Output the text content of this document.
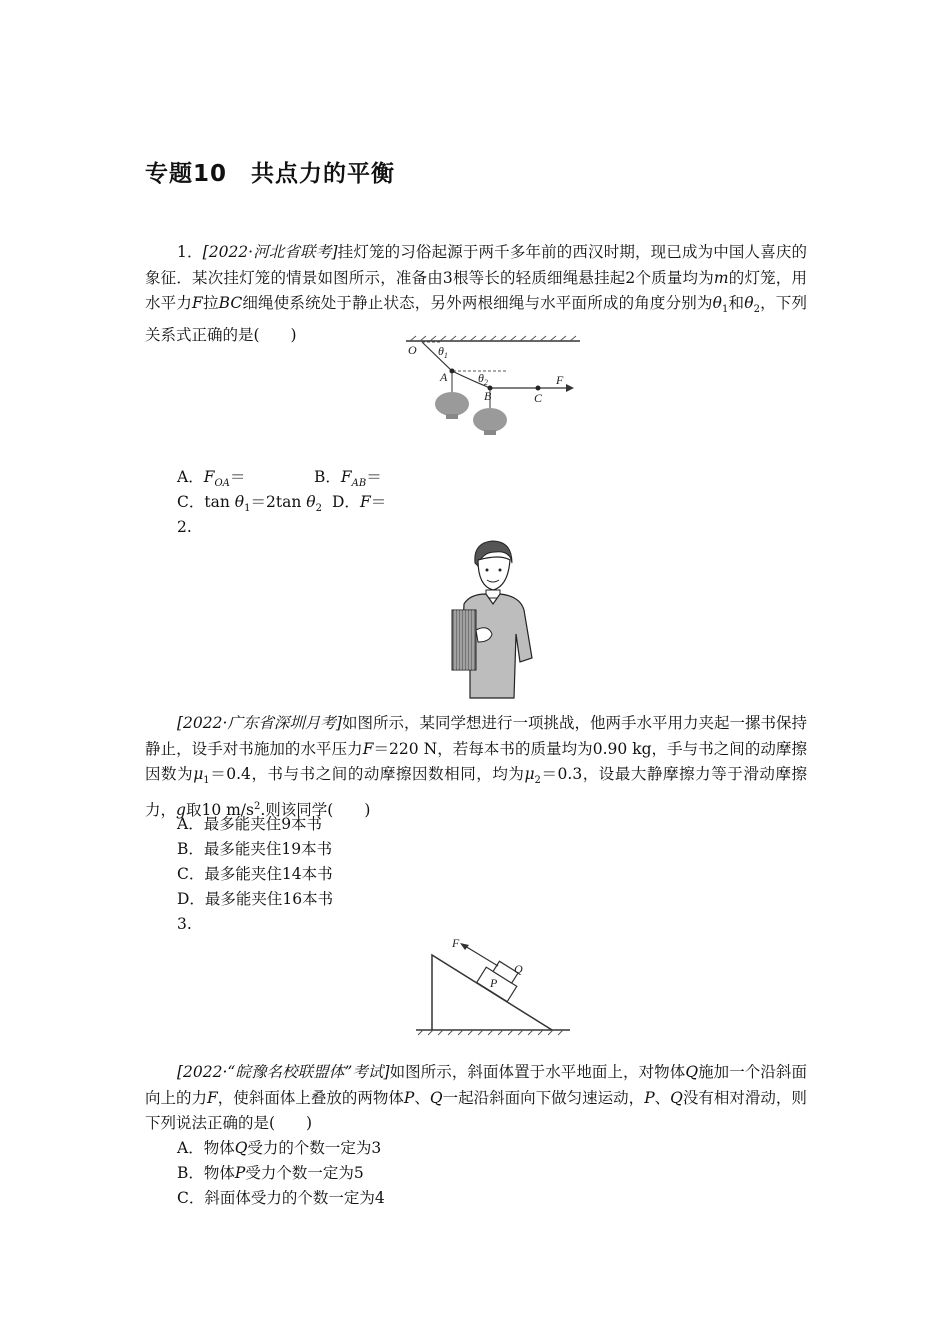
专题10　共点力的平衡
1．[2022·河北省联考]挂灯笼的习俗起源于两千多年前的西汉时期，现已成为中国人喜庆的象征．某次挂灯笼的情景如图所示，准备由3根等长的轻质细绳悬挂起2个质量均为m的灯笼，用水平力F拉BC细绳使系统处于静止状态，另外两根细绳与水平面所成的角度分别为$\theta_1$和$\theta_2$，下列关系式正确的是(　　)
O $\theta_1$
A	$\theta_2$
B	C
F
A．$F_{OA}=$	B．$F_{AB}=$
C．$\tan \theta_1=2\tan$ $\theta_2$ D．F＝
2.
[2022·广东省深圳月考]如图所示，某同学想进行一项挑战，他两手水平用力夹起一摞书保持静止，设手对书施加的水平压力F＝220 N，若每本书的质量均为0.90 kg，手与书之间的动摩擦因数为$\mu_1=0.4$，书与书之间的动摩擦因数相同，均为$\mu_2=0.3$，设最大静摩擦力等于滑动摩擦力，g取10 $m/s^2$.则该同学(　　)
A．最多能夹住9本书
B．最多能夹住19本书
C．最多能夹住14本书
D．最多能夹住16本书
3.
F
Q
P
[2022·“皖豫名校联盟体”考试]如图所示，斜面体置于水平地面上，对物体Q施加一个沿斜面向上的力F，使斜面体上叠放的两物体P、Q一起沿斜面向下做匀速运动，P、Q没有相对滑动，则下列说法正确的是(　　)
A．物体Q受力的个数一定为3
B．物体P受力个数一定为5
C．斜面体受力的个数一定为4
